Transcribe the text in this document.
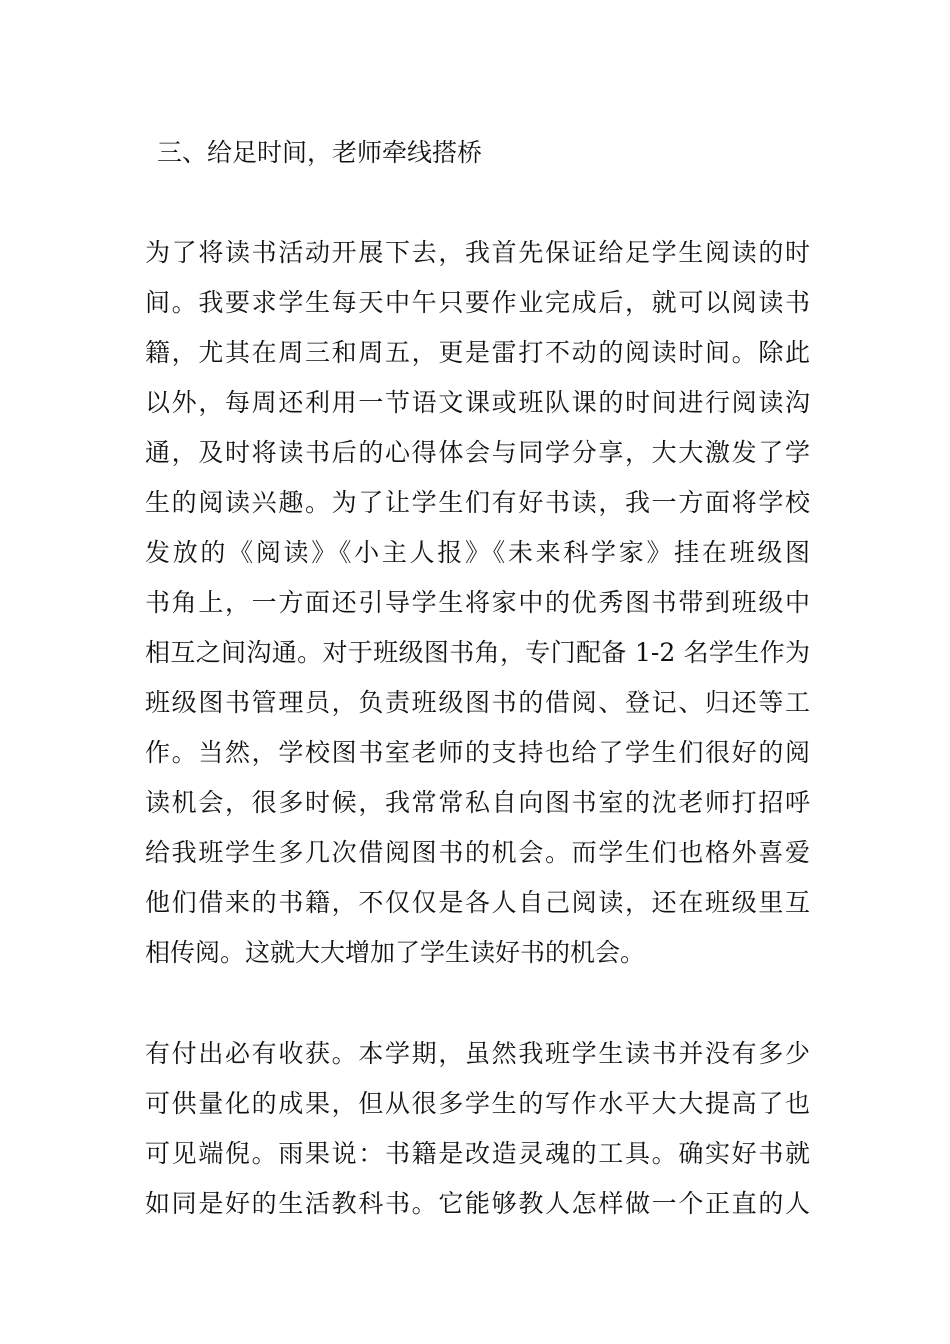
三、给足时间，老师牵线搭桥
为了将读书活动开展下去，我首先保证给足学生阅读的时
间。我要求学生每天中午只要作业完成后，就可以阅读书
籍，尤其在周三和周五，更是雷打不动的阅读时间。除此
以外，每周还利用一节语文课或班队课的时间进行阅读沟
通，及时将读书后的心得体会与同学分享，大大激发了学
生的阅读兴趣。为了让学生们有好书读，我一方面将学校
发放的《阅读》《小主人报》《未来科学家》挂在班级图
书角上，一方面还引导学生将家中的优秀图书带到班级中
相互之间沟通。对于班级图书角，专门配备 1-2 名学生作为
班级图书管理员，负责班级图书的借阅、登记、归还等工
作。当然，学校图书室老师的支持也给了学生们很好的阅
读机会，很多时候，我常常私自向图书室的沈老师打招呼
给我班学生多几次借阅图书的机会。而学生们也格外喜爱
他们借来的书籍，不仅仅是各人自己阅读，还在班级里互
相传阅。这就大大增加了学生读好书的机会。
有付出必有收获。本学期，虽然我班学生读书并没有多少
可供量化的成果，但从很多学生的写作水平大大提高了也
可见端倪。雨果说：书籍是改造灵魂的工具。确实好书就
如同是好的生活教科书。它能够教人怎样做一个正直的人
